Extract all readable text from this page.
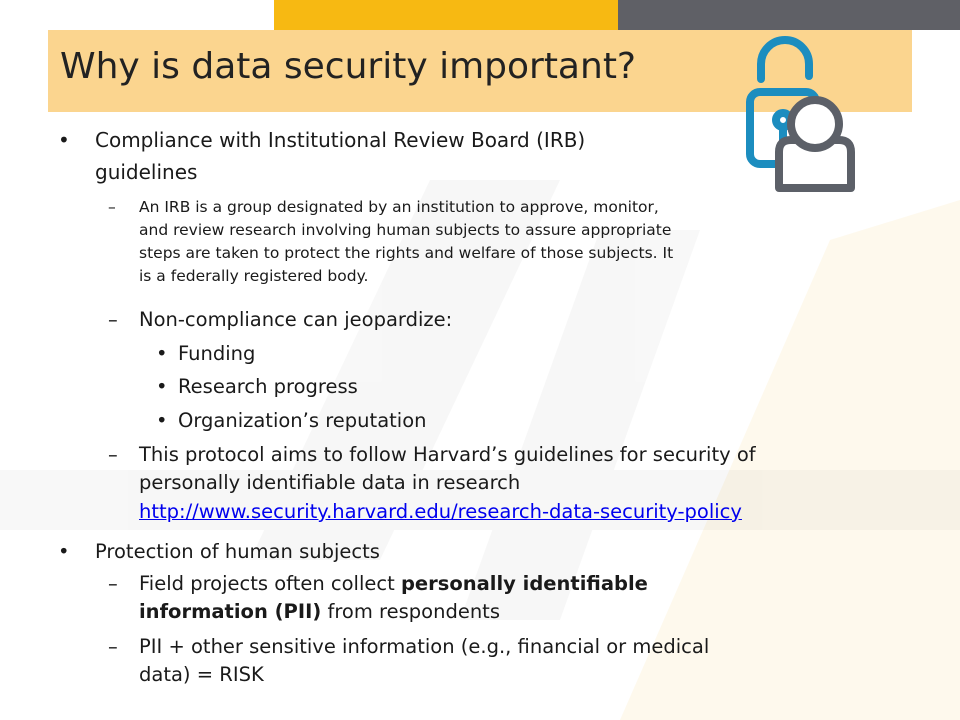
Why is data security important?
• Compliance with Institutional Review Board (IRB)
guidelines
– An IRB is a group designated by an institution to approve, monitor,
and review research involving human subjects to assure appropriate
steps are taken to protect the rights and welfare of those subjects. It
is a federally registered body.
– Non-compliance can jeopardize:
• Funding
• Research progress
• Organization’s reputation
– This protocol aims to follow Harvard’s guidelines for security of
personally identifiable data in research
http://www.security.harvard.edu/research-data-security-policy
• Protection of human subjects
– Field projects often collect personally identifiable
information (PII) from respondents
– PII + other sensitive information (e.g., financial or medical
data) = RISK
